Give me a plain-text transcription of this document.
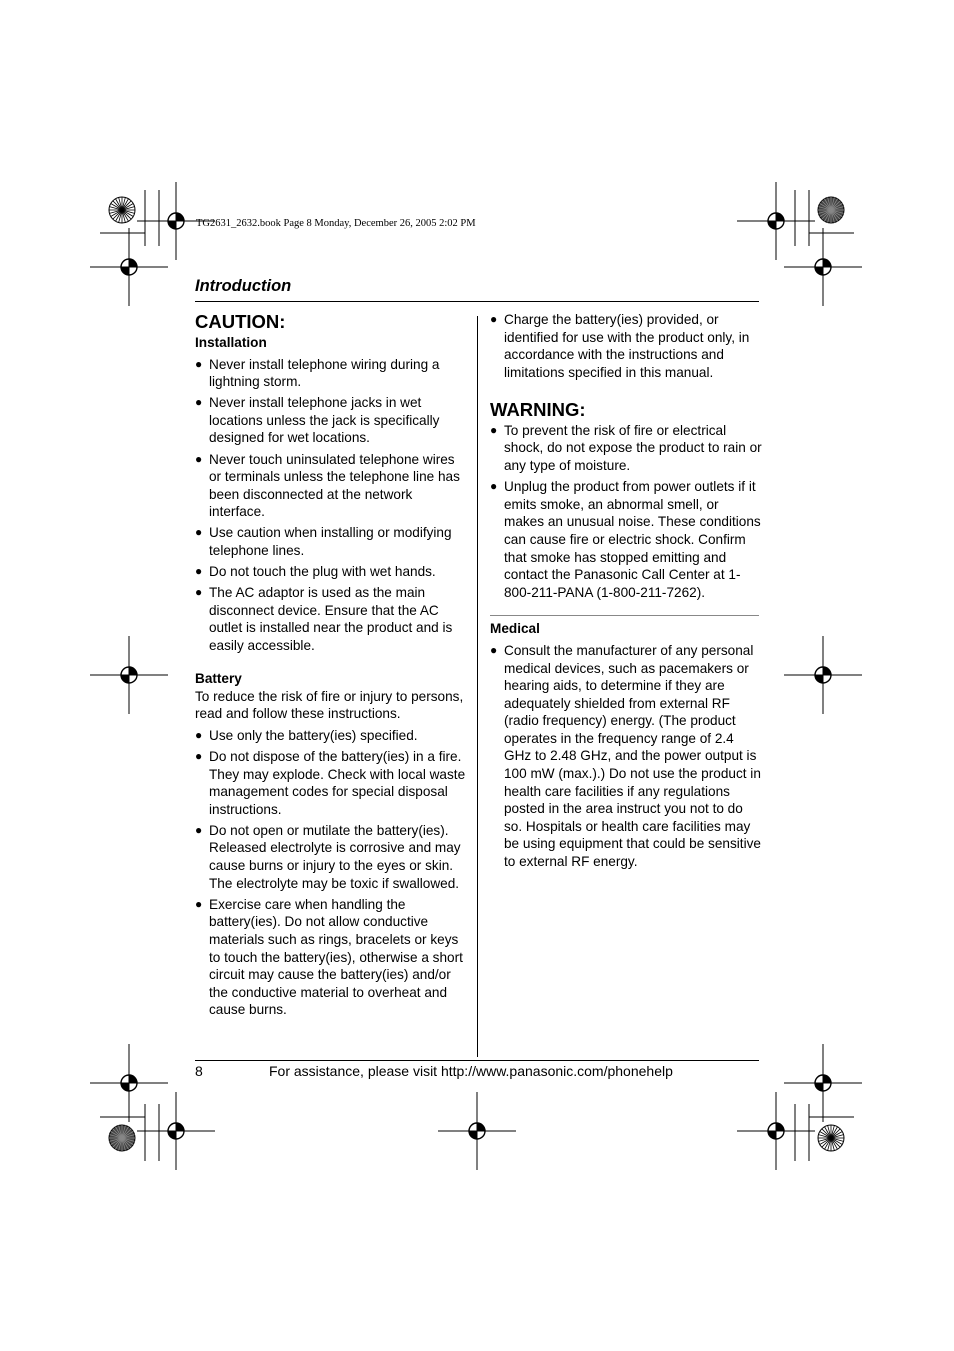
TG2631_2632.book Page 8 Monday, December 26, 2005 2:02 PM
Introduction
CAUTION:
Installation
● Never install telephone wiring during a lightning storm.
● Never install telephone jacks in wet locations unless the jack is specifically designed for wet locations.
● Never touch uninsulated telephone wires or terminals unless the telephone line has been disconnected at the network interface.
● Use caution when installing or modifying telephone lines.
● Do not touch the plug with wet hands.
● The AC adaptor is used as the main disconnect device. Ensure that the AC outlet is installed near the product and is easily accessible.
Battery
To reduce the risk of fire or injury to persons, read and follow these instructions.
● Use only the battery(ies) specified.
● Do not dispose of the battery(ies) in a fire. They may explode. Check with local waste management codes for special disposal instructions.
● Do not open or mutilate the battery(ies). Released electrolyte is corrosive and may cause burns or injury to the eyes or skin. The electrolyte may be toxic if swallowed.
● Exercise care when handling the battery(ies). Do not allow conductive materials such as rings, bracelets or keys to touch the battery(ies), otherwise a short circuit may cause the battery(ies) and/or the conductive material to overheat and cause burns.
● Charge the battery(ies) provided, or identified for use with the product only, in accordance with the instructions and limitations specified in this manual.
WARNING:
● To prevent the risk of fire or electrical shock, do not expose the product to rain or any type of moisture.
● Unplug the product from power outlets if it emits smoke, an abnormal smell, or makes an unusual noise. These conditions can cause fire or electric shock. Confirm that smoke has stopped emitting and contact the Panasonic Call Center at 1-800-211-PANA (1-800-211-7262).
Medical
● Consult the manufacturer of any personal medical devices, such as pacemakers or hearing aids, to determine if they are adequately shielded from external RF (radio frequency) energy. (The product operates in the frequency range of 2.4 GHz to 2.48 GHz, and the power output is 100 mW (max.).) Do not use the product in health care facilities if any regulations posted in the area instruct you not to do so. Hospitals or health care facilities may be using equipment that could be sensitive to external RF energy.
8	For assistance, please visit http://www.panasonic.com/phonehelp
